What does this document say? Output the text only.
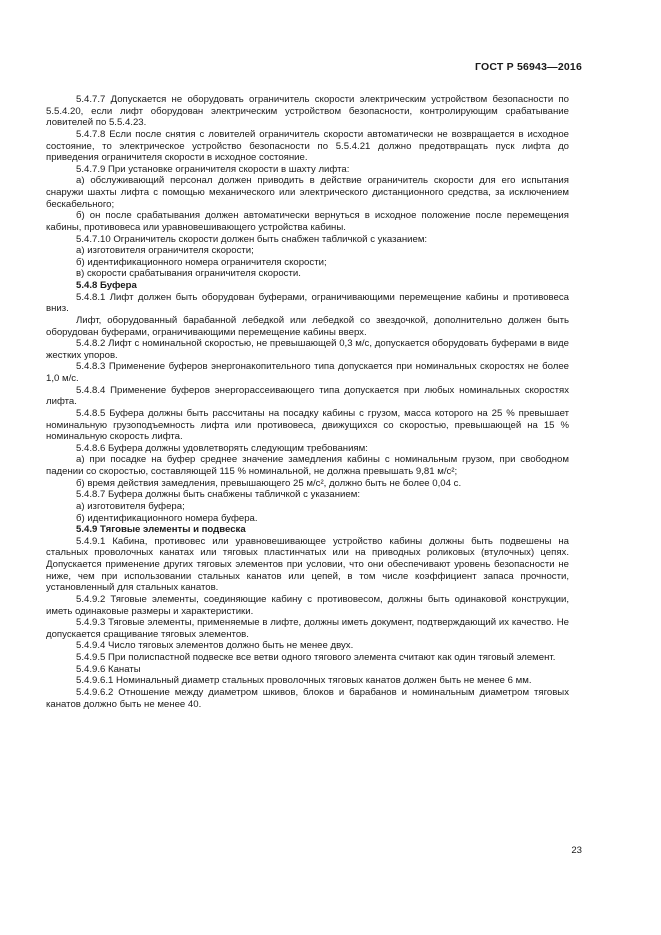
ГОСТ Р 56943—2016

5.4.7.7 Допускается не оборудовать ограничитель скорости электрическим устройством безопасности по 5.5.4.20, если лифт оборудован электрическим устройством безопасности, контролирующим срабатывание ловителей по 5.5.4.23.

5.4.7.8 Если после снятия с ловителей ограничитель скорости автоматически не возвращается в исходное состояние, то электрическое устройство безопасности по 5.5.4.21 должно предотвращать пуск лифта до приведения ограничителя скорости в исходное состояние.

5.4.7.9 При установке ограничителя скорости в шахту лифта:

а) обслуживающий персонал должен приводить в действие ограничитель скорости для его испытания снаружи шахты лифта с помощью механического или электрического дистанционного средства, за исключением бескабельного;

б) он после срабатывания должен автоматически вернуться в исходное положение после перемещения кабины, противовеса или уравновешивающего устройства кабины.

5.4.7.10 Ограничитель скорости должен быть снабжен табличкой с указанием:

а) изготовителя ограничителя скорости;

б) идентификационного номера ограничителя скорости;

в) скорости срабатывания ограничителя скорости.

5.4.8 Буфера

5.4.8.1 Лифт должен быть оборудован буферами, ограничивающими перемещение кабины и противовеса вниз.

Лифт, оборудованный барабанной лебедкой или лебедкой со звездочкой, дополнительно должен быть оборудован буферами, ограничивающими перемещение кабины вверх.

5.4.8.2 Лифт с номинальной скоростью, не превышающей 0,3 м/с, допускается оборудовать буферами в виде жестких упоров.

5.4.8.3 Применение буферов энергонакопительного типа допускается при номинальных скоростях не более 1,0 м/с.

5.4.8.4 Применение буферов энергорассеивающего типа допускается при любых номинальных скоростях лифта.

5.4.8.5 Буфера должны быть рассчитаны на посадку кабины с грузом, масса которого на 25 % превышает номинальную грузоподъемность лифта или противовеса, движущихся со скоростью, превышающей на 15 % номинальную скорость лифта.

5.4.8.6 Буфера должны удовлетворять следующим требованиям:

а) при посадке на буфер среднее значение замедления кабины с номинальным грузом, при свободном падении со скоростью, составляющей 115 % номинальной, не должна превышать 9,81 м/с²;

б) время действия замедления, превышающего 25 м/с², должно быть не более 0,04 с.

5.4.8.7 Буфера должны быть снабжены табличкой с указанием:

а) изготовителя буфера;

б) идентификационного номера буфера.

5.4.9 Тяговые элементы и подвеска

5.4.9.1 Кабина, противовес или уравновешивающее устройство кабины должны быть подвешены на стальных проволочных канатах или тяговых пластинчатых или на приводных роликовых (втулочных) цепях. Допускается применение других тяговых элементов при условии, что они обеспечивают уровень безопасности не ниже, чем при использовании стальных канатов или цепей, в том числе коэффициент запаса прочности, установленный для стальных канатов.

5.4.9.2 Тяговые элементы, соединяющие кабину с противовесом, должны быть одинаковой конструкции, иметь одинаковые размеры и характеристики.

5.4.9.3 Тяговые элементы, применяемые в лифте, должны иметь документ, подтверждающий их качество. Не допускается сращивание тяговых элементов.

5.4.9.4 Число тяговых элементов должно быть не менее двух.

5.4.9.5 При полиспастной подвеске все ветви одного тягового элемента считают как один тяговый элемент.

5.4.9.6 Канаты

5.4.9.6.1 Номинальный диаметр стальных проволочных тяговых канатов должен быть не менее 6 мм.

5.4.9.6.2 Отношение между диаметром шкивов, блоков и барабанов и номинальным диаметром тяговых канатов должно быть не менее 40.

23
